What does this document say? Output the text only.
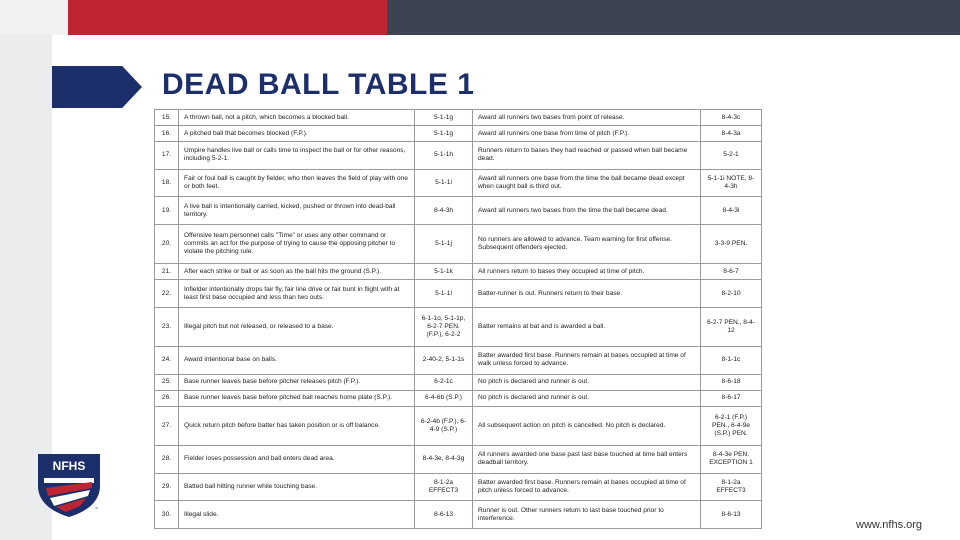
DEAD BALL TABLE 1
15.	A thrown ball, not a pitch, which becomes a blocked ball.	5-1-1g	Award all runners two bases from point of release.	8-4-3c
16.	A pitched ball that becomes blocked (F.P.).	5-1-1g	Award all runners one base from time of pitch (F.P.).	8-4-3a
17.	Umpire handles live ball or calls time to inspect the ball or for other reasons, including 5-2-1.	5-1-1h	Runners return to bases they had reached or passed when ball became dead.	5-2-1
18.	Fair or foul ball is caught by fielder, who then leaves the field of play with one or both feet.	5-1-1i	Award all runners one base from the time the ball became dead except when caught ball is third out.	5-1-1i NOTE, 8-4-3h
19.	A live ball is intentionally carried, kicked, pushed or thrown into dead-ball territory.	8-4-3h	Award all runners two bases from the time the ball became dead.	8-4-3i
20.	Offensive team personnel calls "Time" or uses any other command or commits an act for the purpose of trying to cause the opposing pitcher to violate the pitching rule.	5-1-1j	No runners are allowed to advance. Team warning for first offense. Subsequent offenders ejected.	3-3-9 PEN.
21.	After each strike or ball or as soon as the ball hits the ground (S.P.).	5-1-1k	All runners return to bases they occupied at time of pitch.	8-6-7
22.	Infielder intentionally drops fair fly, fair line drive or fair bunt in flight with at least first base occupied and less than two outs.	5-1-1l	Batter-runner is out. Runners return to their base.	8-2-10
23.	Illegal pitch but not released, or released to a base.	6-1-1o, 5-1-1p, 6-2-7 PEN. (F.P.), 6-2-2	Batter remains at bat and is awarded a ball.	6-2-7 PEN., 8-4-12
24.	Award intentional base on balls.	2-40-2, 5-1-1s	Batter awarded first base. Runners remain at bases occupied at time of walk unless forced to advance.	8-1-1c
25.	Base runner leaves base before pitcher releases pitch (F.P.).	6-2-1c	No pitch is declared and runner is out.	8-6-18
26.	Base runner leaves base before pitched ball reaches home plate (S.P.).	6-4-6b (S.P.)	No pitch is declared and runner is out.	8-6-17
27.	Quick return pitch before batter has taken position or is off balance.	6-2-4b (F.P.), 6-4-9 (S.P.)	All subsequent action on pitch is cancelled. No pitch is declared.	6-2-1 (F.P.) PEN., 6-4-9e (S.P.) PEN.
28.	Fielder loses possession and ball enters dead area.	8-4-3e, 8-4-3g	All runners awarded one base past last base touched at time ball enters deadball territory.	8-4-3e PEN. EXCEPTION 1
29.	Batted ball hitting runner while touching base.	8-1-2a EFFECT3	Batter awarded first base. Runners remain at bases occupied at time of pitch unless forced to advance.	8-1-2a EFFECT3
30.	Illegal slide.	8-6-13	Runner is out. Other runners return to last base touched prior to interference.	8-6-13
NFHS
™
www.nfhs.org
